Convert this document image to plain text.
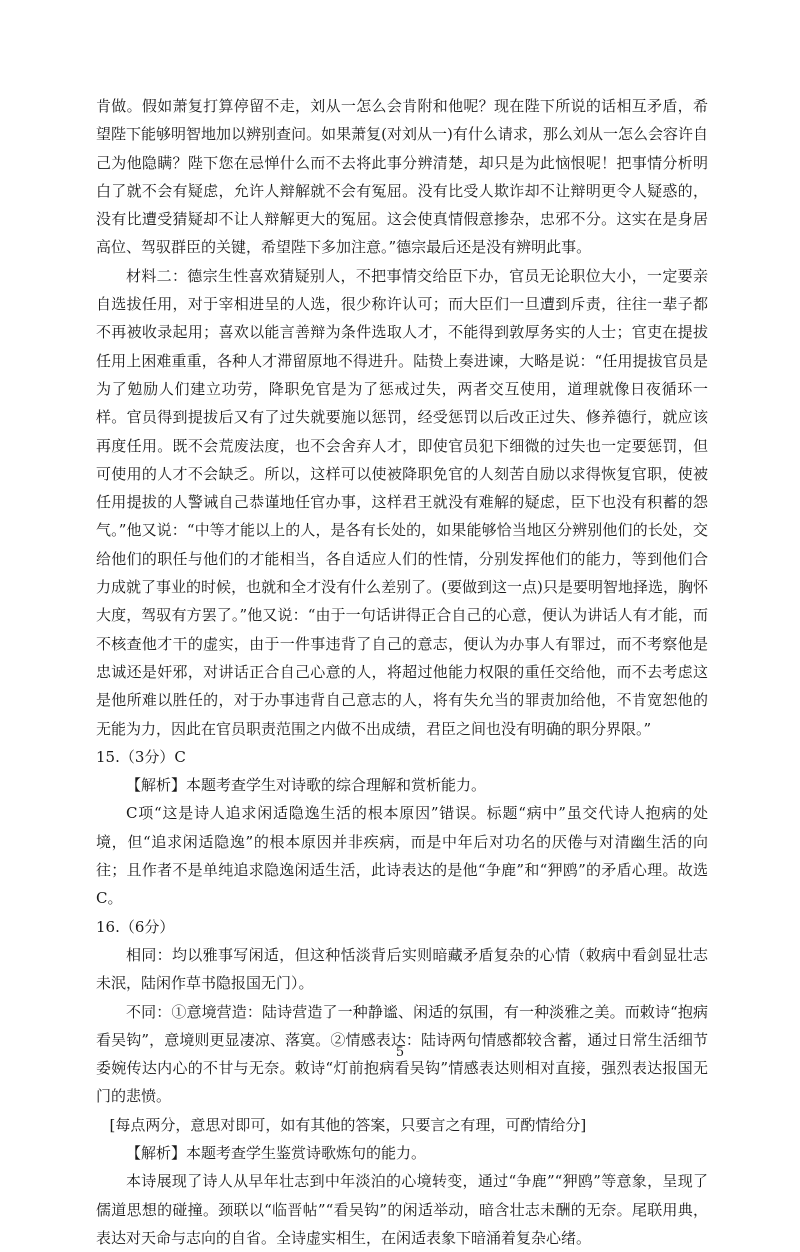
肯做。假如萧复打算停留不走，刘从一怎么会肯附和他呢？现在陛下所说的话相互矛盾，希望陛下能够明智地加以辨别查问。如果萧复(对刘从一)有什么请求，那么刘从一怎么会容许自己为他隐瞒？陛下您在忌惮什么而不去将此事分辨清楚，却只是为此恼恨呢！把事情分析明白了就不会有疑虑，允许人辩解就不会有冤屈。没有比受人欺诈却不让辩明更令人疑惑的，没有比遭受猜疑却不让人辩解更大的冤屈。这会使真情假意掺杂，忠邪不分。这实在是身居高位、驾驭群臣的关键，希望陛下多加注意。”德宗最后还是没有辨明此事。

材料二：德宗生性喜欢猜疑别人，不把事情交给臣下办，官员无论职位大小，一定要亲自选拔任用，对于宰相进呈的人选，很少称许认可；而大臣们一旦遭到斥责，往往一辈子都不再被收录起用；喜欢以能言善辩为条件选取人才，不能得到敦厚务实的人士；官吏在提拔任用上困难重重，各种人才滞留原地不得进升。陆贽上奏进谏，大略是说：“任用提拔官员是为了勉励人们建立功劳，降职免官是为了惩戒过失，两者交互使用，道理就像日夜循环一样。官员得到提拔后又有了过失就要施以惩罚，经受惩罚以后改正过失、修养德行，就应该再度任用。既不会荒废法度，也不会舍弃人才，即使官员犯下细微的过失也一定要惩罚，但可使用的人才不会缺乏。所以，这样可以使被降职免官的人刻苦自励以求得恢复官职，使被任用提拔的人警诫自己恭谨地任官办事，这样君王就没有难解的疑虑，臣下也没有积蓄的怨气。”他又说：“中等才能以上的人，是各有长处的，如果能够恰当地区分辨别他们的长处，交给他们的职任与他们的才能相当，各自适应人们的性情，分别发挥他们的能力，等到他们合力成就了事业的时候，也就和全才没有什么差别了。(要做到这一点)只是要明智地择选，胸怀大度，驾驭有方罢了。”他又说：“由于一句话讲得正合自己的心意，便认为讲话人有才能，而不核查他才干的虚实，由于一件事违背了自己的意志，便认为办事人有罪过，而不考察他是忠诚还是奸邪，对讲话正合自己心意的人，将超过他能力权限的重任交给他，而不去考虑这是他所难以胜任的，对于办事违背自己意志的人，将有失允当的罪责加给他，不肯宽恕他的无能为力，因此在官员职责范围之内做不出成绩，君臣之间也没有明确的职分界限。”

15.（3分）C

【解析】本题考查学生对诗歌的综合理解和赏析能力。

C项“这是诗人追求闲适隐逸生活的根本原因”错误。标题“病中”虽交代诗人抱病的处境，但“追求闲适隐逸”的根本原因并非疾病，而是中年后对功名的厌倦与对清幽生活的向往；且作者不是单纯追求隐逸闲适生活，此诗表达的是他“争鹿”和“狎鸥”的矛盾心理。故选C。

16.（6分）

相同：均以雅事写闲适，但这种恬淡背后实则暗藏矛盾复杂的心情（敕病中看剑显壮志未泯，陆闲作草书隐报国无门）。

不同：①意境营造：陆诗营造了一种静谧、闲适的氛围，有一种淡雅之美。而敕诗“抱病看吴钩”，意境则更显凄凉、落寞。②情感表达：陆诗两句情感都较含蓄，通过日常生活细节委婉传达内心的不甘与无奈。敕诗“灯前抱病看吴钩”情感表达则相对直接，强烈表达报国无门的悲愤。

[每点两分，意思对即可，如有其他的答案，只要言之有理，可酌情给分]

【解析】本题考查学生鉴赏诗歌炼句的能力。

本诗展现了诗人从早年壮志到中年淡泊的心境转变，通过“争鹿”“狎鸥”等意象，呈现了儒道思想的碰撞。颈联以“临晋帖”“看吴钩”的闲适举动，暗含壮志未酬的无奈。尾联用典，表达对天命与志向的自省。全诗虚实相生，在闲适表象下暗涌着复杂心绪。

5
